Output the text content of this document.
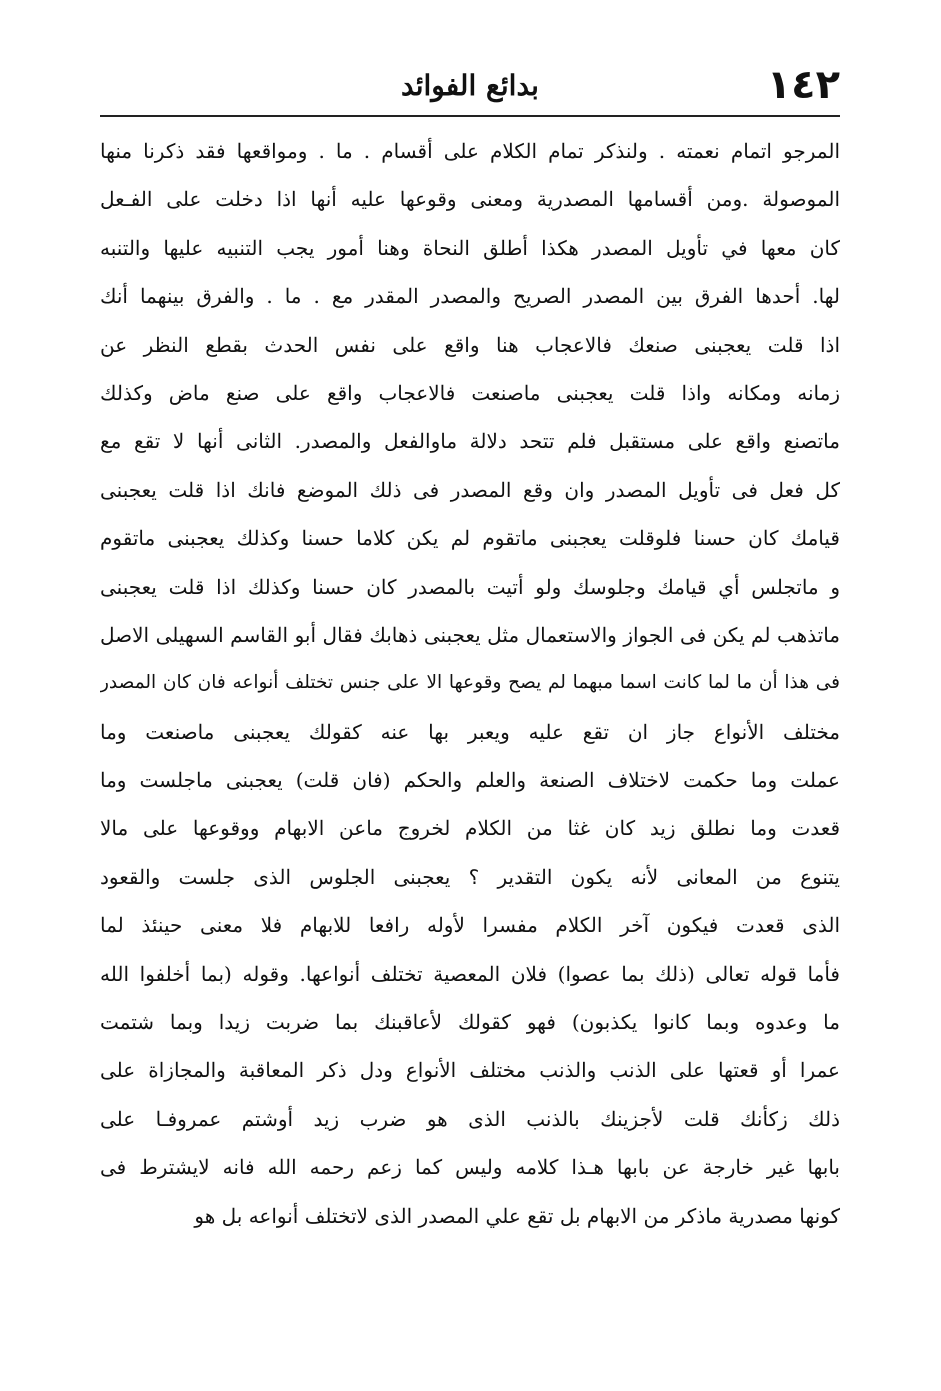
١٤٢
بدائع الفوائد
المرجو اتمام نعمته . ولنذكر تمام الكلام على أقسام . ما . ومواقعها فقد ذكرنا منها
الموصولة .ومن أقسامها المصدرية ومعنى وقوعها عليه أنها اذا دخلت على الفـعل
كان معها في تأويل المصدر هكذا أطلق النحاة وهنا أمور يجب التنبيه عليها والتنبه
لها. أحدها الفرق بين المصدر الصريح والمصدر المقدر مع . ما . والفرق بينهما أنك
اذا قلت يعجبنى صنعك فالاعجاب هنا واقع على نفس الحدث بقطع النظر عن
زمانه ومكانه واذا قلت يعجبنى ماصنعت فالاعجاب واقع على صنع ماض وكذلك
ماتصنع واقع على مستقبل فلم تتحد دلالة ماوالفعل والمصدر. الثانى أنها لا تقع مع
كل فعل فى تأويل المصدر وان وقع المصدر فى ذلك الموضع فانك اذا قلت يعجبنى
قيامك كان حسنا فلوقلت يعجبنى ماتقوم لم يكن كلاما حسنا وكذلك يعجبنى ماتقوم
و ماتجلس أي قيامك وجلوسك ولو أتيت بالمصدر كان حسنا وكذلك اذا قلت يعجبنى
ماتذهب لم يكن فى الجواز والاستعمال مثل يعجبنى ذهابك فقال أبو القاسم السهيلى الاصل
فى هذا أن ما لما كانت اسما مبهما لم يصح وقوعها الا على جنس تختلف أنواعه فان كان المصدر
مختلف الأنواع جاز ان تقع عليه ويعبر بها عنه كقولك يعجبنى ماصنعت وما
عملت وما حكمت لاختلاف الصنعة والعلم والحكم (فان قلت) يعجبنى ماجلست وما
قعدت وما نطلق زيد كان غثا من الكلام لخروج ماعن الابهام ووقوعها على مالا
يتنوع من المعانى لأنه يكون التقدير ؟ يعجبنى الجلوس الذى جلست والقعود
الذى قعدت فيكون آخر الكلام مفسرا لأوله رافعا للابهام فلا معنى حينئذ لما
فأما قوله تعالى (ذلك بما عصوا) فلان المعصية تختلف أنواعها. وقوله (بما أخلفوا الله
ما وعدوه وبما كانوا يكذبون) فهو كقولك لأعاقبنك بما ضربت زيدا وبما شتمت
عمرا أو قعتها على الذنب والذنب مختلف الأنواع ودل ذكر المعاقبة والمجازاة على
ذلك زكأنك قلت لأجزينك بالذنب الذى هو ضرب زيد أوشتم عمروفـا على
بابها غير خارجة عن بابها هـذا كلامه وليس كما زعم رحمه الله فانه لايشترط فى
كونها مصدرية ماذكر من الابهام بل تقع علي المصدر الذى لاتختلف أنواعه بل هو
